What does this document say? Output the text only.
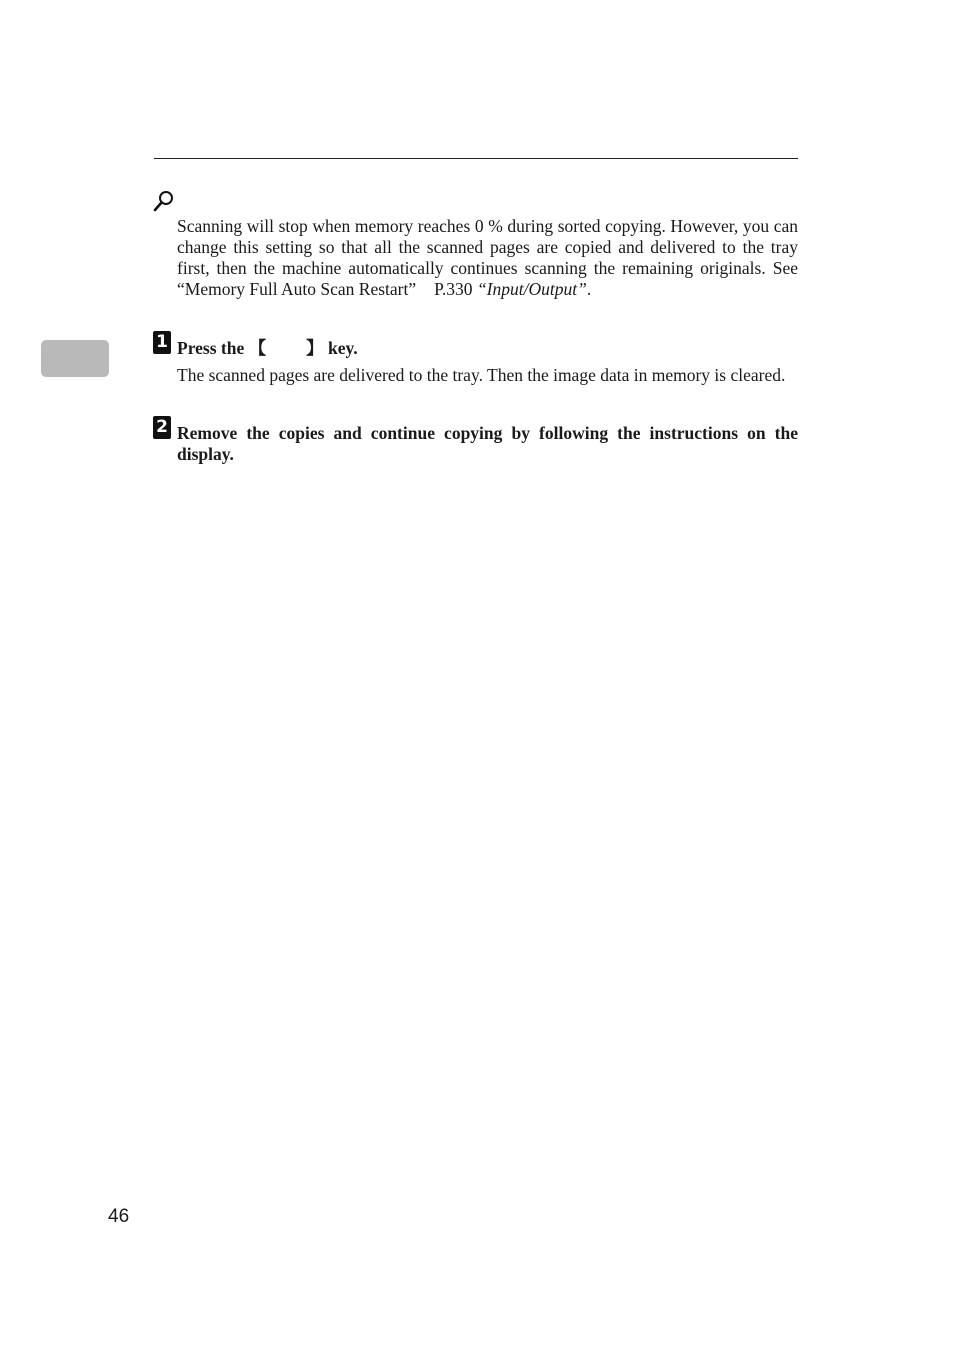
Scanning will stop when memory reaches 0 % during sorted copying. However, you can change this setting so that all the scanned pages are copied and delivered to the tray first, then the machine automatically continues scanning the remaining originals. See “Memory Full Auto Scan Restart” P.330 “Input/Output”.
1 Press the 【 】 key.
The scanned pages are delivered to the tray. Then the image data in memory is cleared.
2 Remove the copies and continue copying by following the instructions on the display.
46
